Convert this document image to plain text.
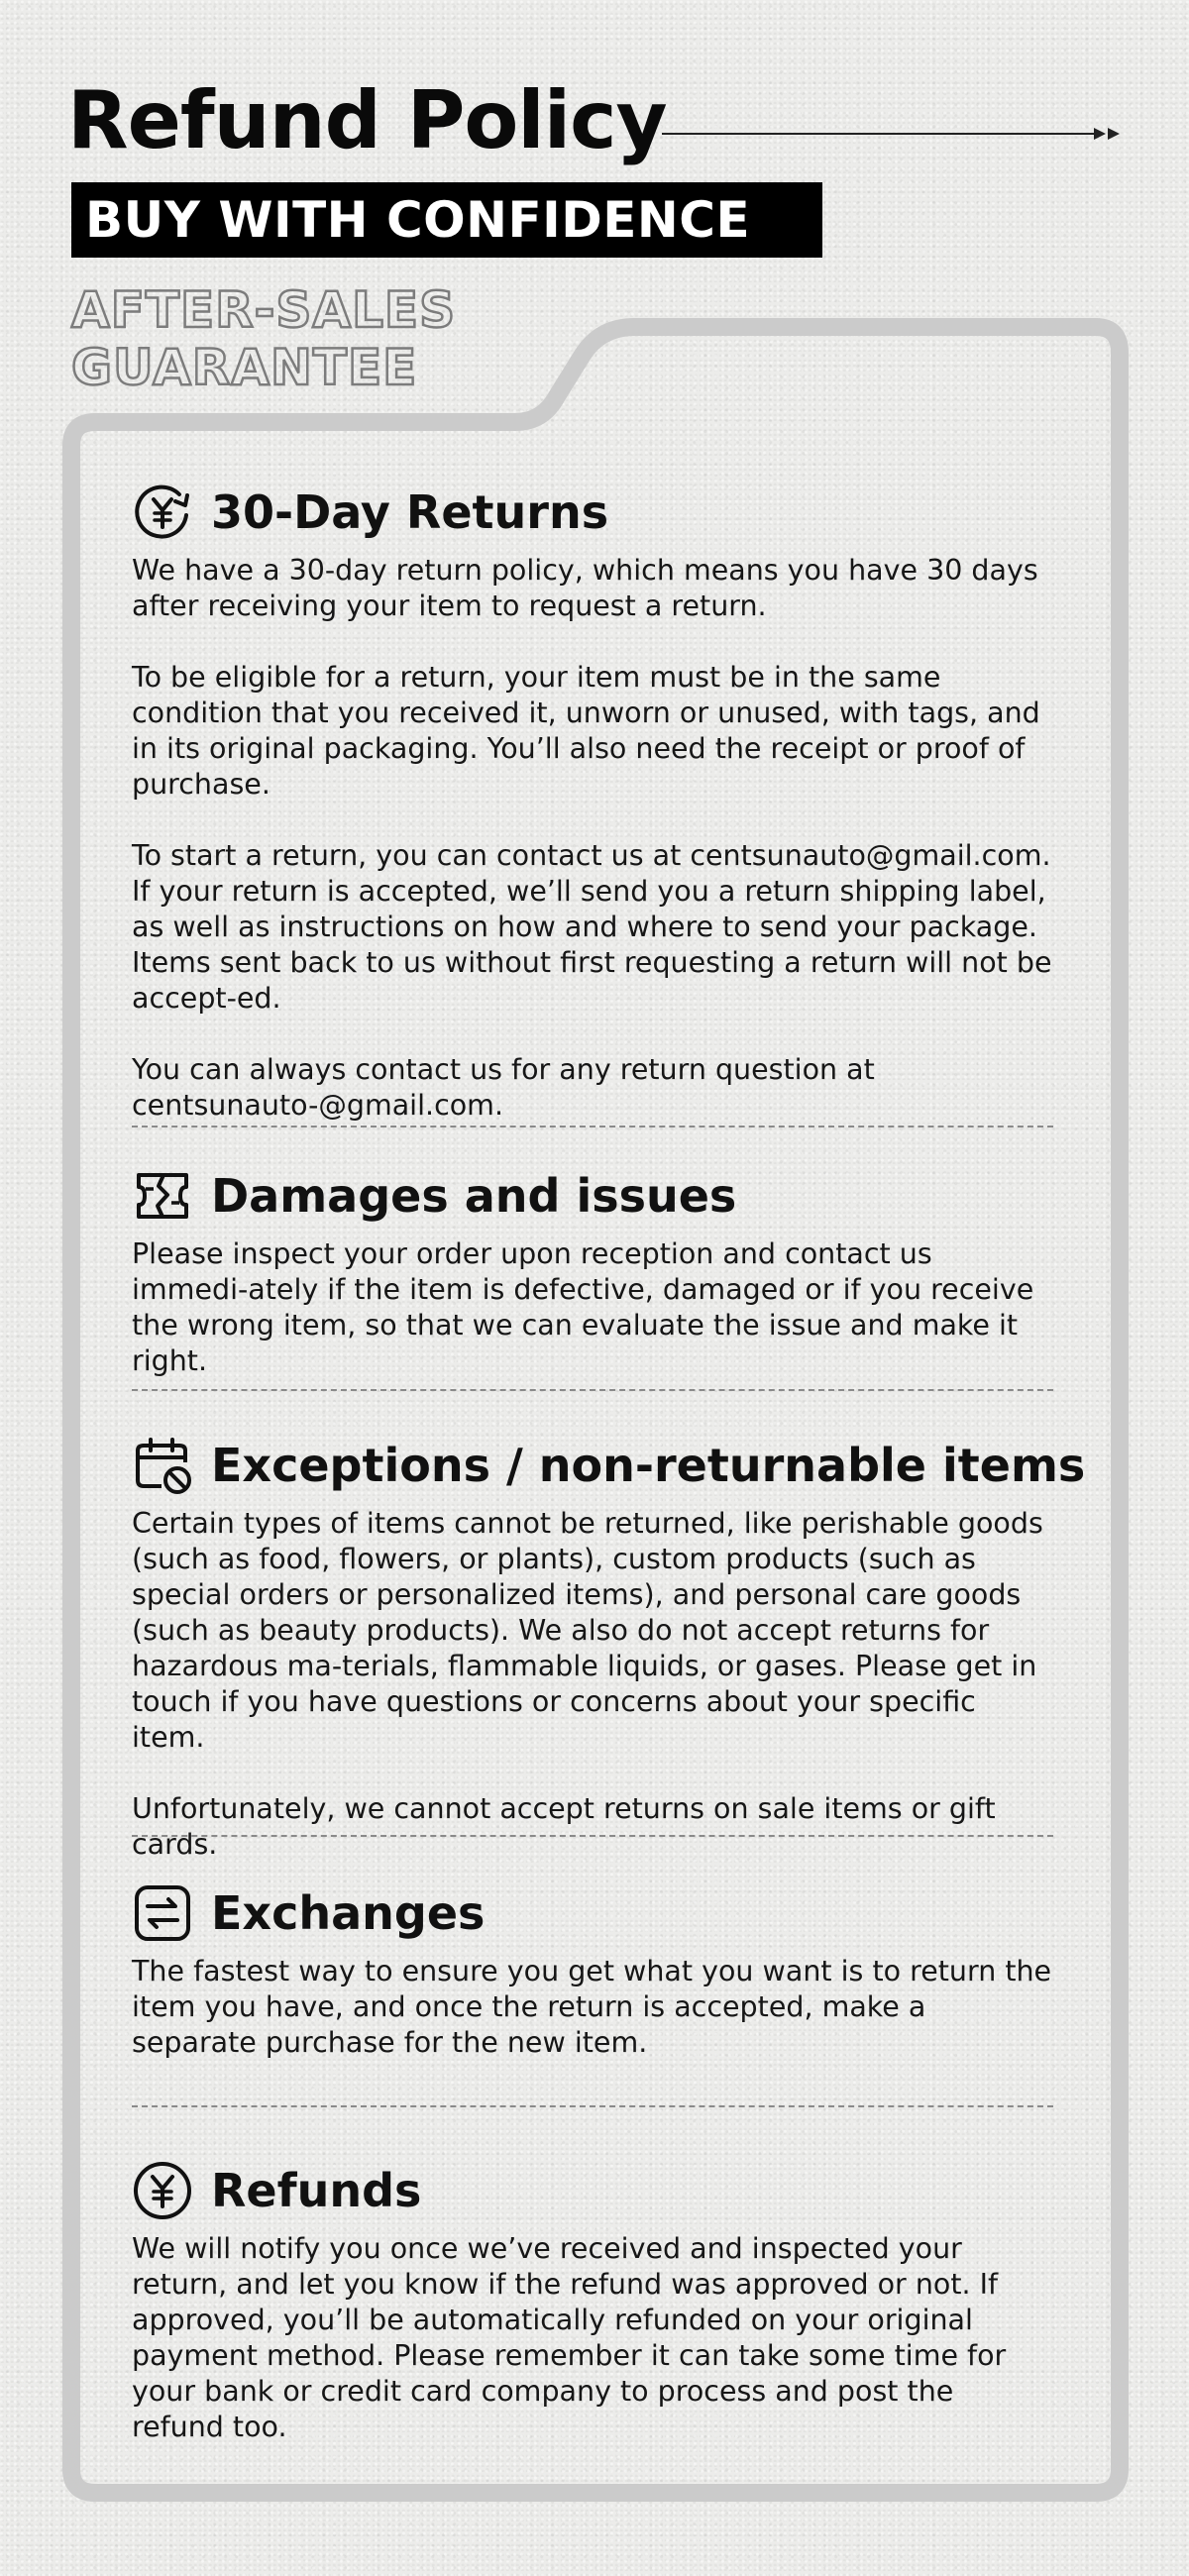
Refund Policy
BUY WITH CONFIDENCE
AFTER-SALES
GUARANTEE
30-Day Returns

We have a 30-day return policy, which means you have 30 days after receiving your item to request a return.

To be eligible for a return, your item must be in the same condition that you received it, unworn or unused, with tags, and in its original packaging. You’ll also need the receipt or proof of purchase.

To start a return, you can contact us at centsunauto@gmail.com. If your return is accepted, we’ll send you a return shipping label, as well as instructions on how and where to send your package. Items sent back to us without first requesting a return will not be accept-ed.

You can always contact us for any return question at centsunauto-@gmail.com.

Damages and issues

Please inspect your order upon reception and contact us immedi-ately if the item is defective, damaged or if you receive the wrong item, so that we can evaluate the issue and make it right.

Exceptions / non-returnable items

Certain types of items cannot be returned, like perishable goods (such as food, flowers, or plants), custom products (such as special orders or personalized items), and personal care goods (such as beauty products). We also do not accept returns for hazardous ma-terials, flammable liquids, or gases. Please get in touch if you have questions or concerns about your specific item.

Unfortunately, we cannot accept returns on sale items or gift cards.

Exchanges

The fastest way to ensure you get what you want is to return the item you have, and once the return is accepted, make a separate purchase for the new item.

Refunds

We will notify you once we’ve received and inspected your return, and let you know if the refund was approved or not. If approved, you’ll be automatically refunded on your original payment method. Please remember it can take some time for your bank or credit card company to process and post the refund too.
